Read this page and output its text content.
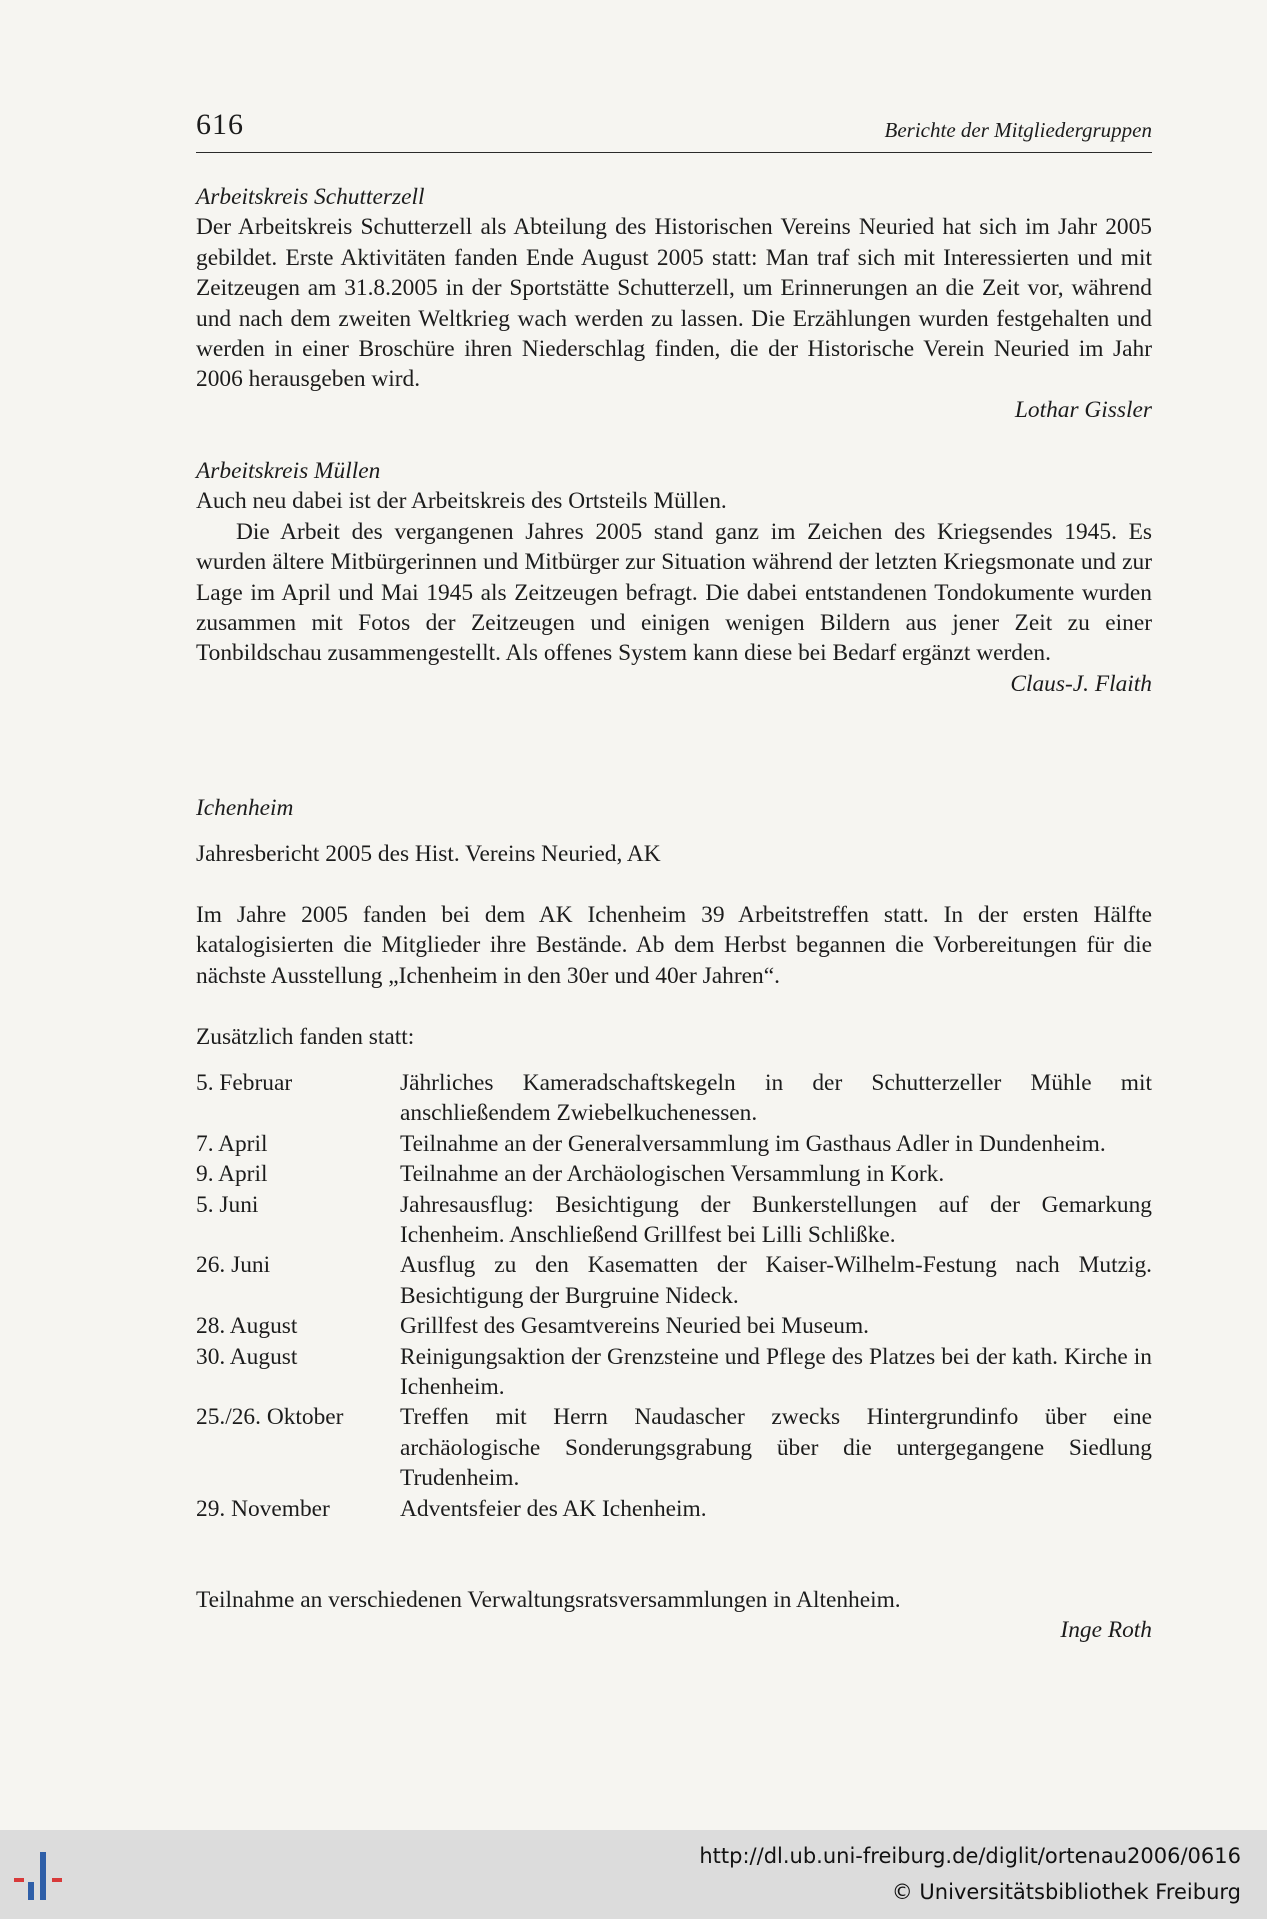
616	Berichte der Mitgliedergruppen
Arbeitskreis Schutterzell
Der Arbeitskreis Schutterzell als Abteilung des Historischen Vereins Neuried hat sich im Jahr 2005 gebildet. Erste Aktivitäten fanden Ende August 2005 statt: Man traf sich mit Interessierten und mit Zeitzeugen am 31.8.2005 in der Sportstätte Schutterzell, um Erinnerungen an die Zeit vor, während und nach dem zweiten Weltkrieg wach werden zu lassen. Die Erzählungen wurden festgehalten und werden in einer Broschüre ihren Niederschlag finden, die der Historische Verein Neuried im Jahr 2006 herausgeben wird.
Lothar Gissler
Arbeitskreis Müllen
Auch neu dabei ist der Arbeitskreis des Ortsteils Müllen.
Die Arbeit des vergangenen Jahres 2005 stand ganz im Zeichen des Kriegsendes 1945. Es wurden ältere Mitbürgerinnen und Mitbürger zur Situation während der letzten Kriegsmonate und zur Lage im April und Mai 1945 als Zeitzeugen befragt. Die dabei entstandenen Tondokumente wurden zusammen mit Fotos der Zeitzeugen und einigen wenigen Bildern aus jener Zeit zu einer Tonbildschau zusammengestellt. Als offenes System kann diese bei Bedarf ergänzt werden.
Claus-J. Flaith
Ichenheim
Jahresbericht 2005 des Hist. Vereins Neuried, AK
Im Jahre 2005 fanden bei dem AK Ichenheim 39 Arbeitstreffen statt. In der ersten Hälfte katalogisierten die Mitglieder ihre Bestände. Ab dem Herbst begannen die Vorbereitungen für die nächste Ausstellung „Ichenheim in den 30er und 40er Jahren“.
Zusätzlich fanden statt:
5. Februar	Jährliches Kameradschaftskegeln in der Schutterzeller Mühle mit anschließendem Zwiebelkuchenessen.
7. April	Teilnahme an der Generalversammlung im Gasthaus Adler in Dundenheim.
9. April	Teilnahme an der Archäologischen Versammlung in Kork.
5. Juni	Jahresausflug: Besichtigung der Bunkerstellungen auf der Gemarkung Ichenheim. Anschließend Grillfest bei Lilli Schlißke.
26. Juni	Ausflug zu den Kasematten der Kaiser-Wilhelm-Festung nach Mutzig. Besichtigung der Burgruine Nideck.
28. August	Grillfest des Gesamtvereins Neuried bei Museum.
30. August	Reinigungsaktion der Grenzsteine und Pflege des Platzes bei der kath. Kirche in Ichenheim.
25./26. Oktober	Treffen mit Herrn Naudascher zwecks Hintergrundinfo über eine archäologische Sonderungsgrabung über die untergegangene Siedlung Trudenheim.
29. November	Adventsfeier des AK Ichenheim.
Teilnahme an verschiedenen Verwaltungsratsversammlungen in Altenheim.
Inge Roth
http://dl.ub.uni-freiburg.de/diglit/ortenau2006/0616
© Universitätsbibliothek Freiburg
